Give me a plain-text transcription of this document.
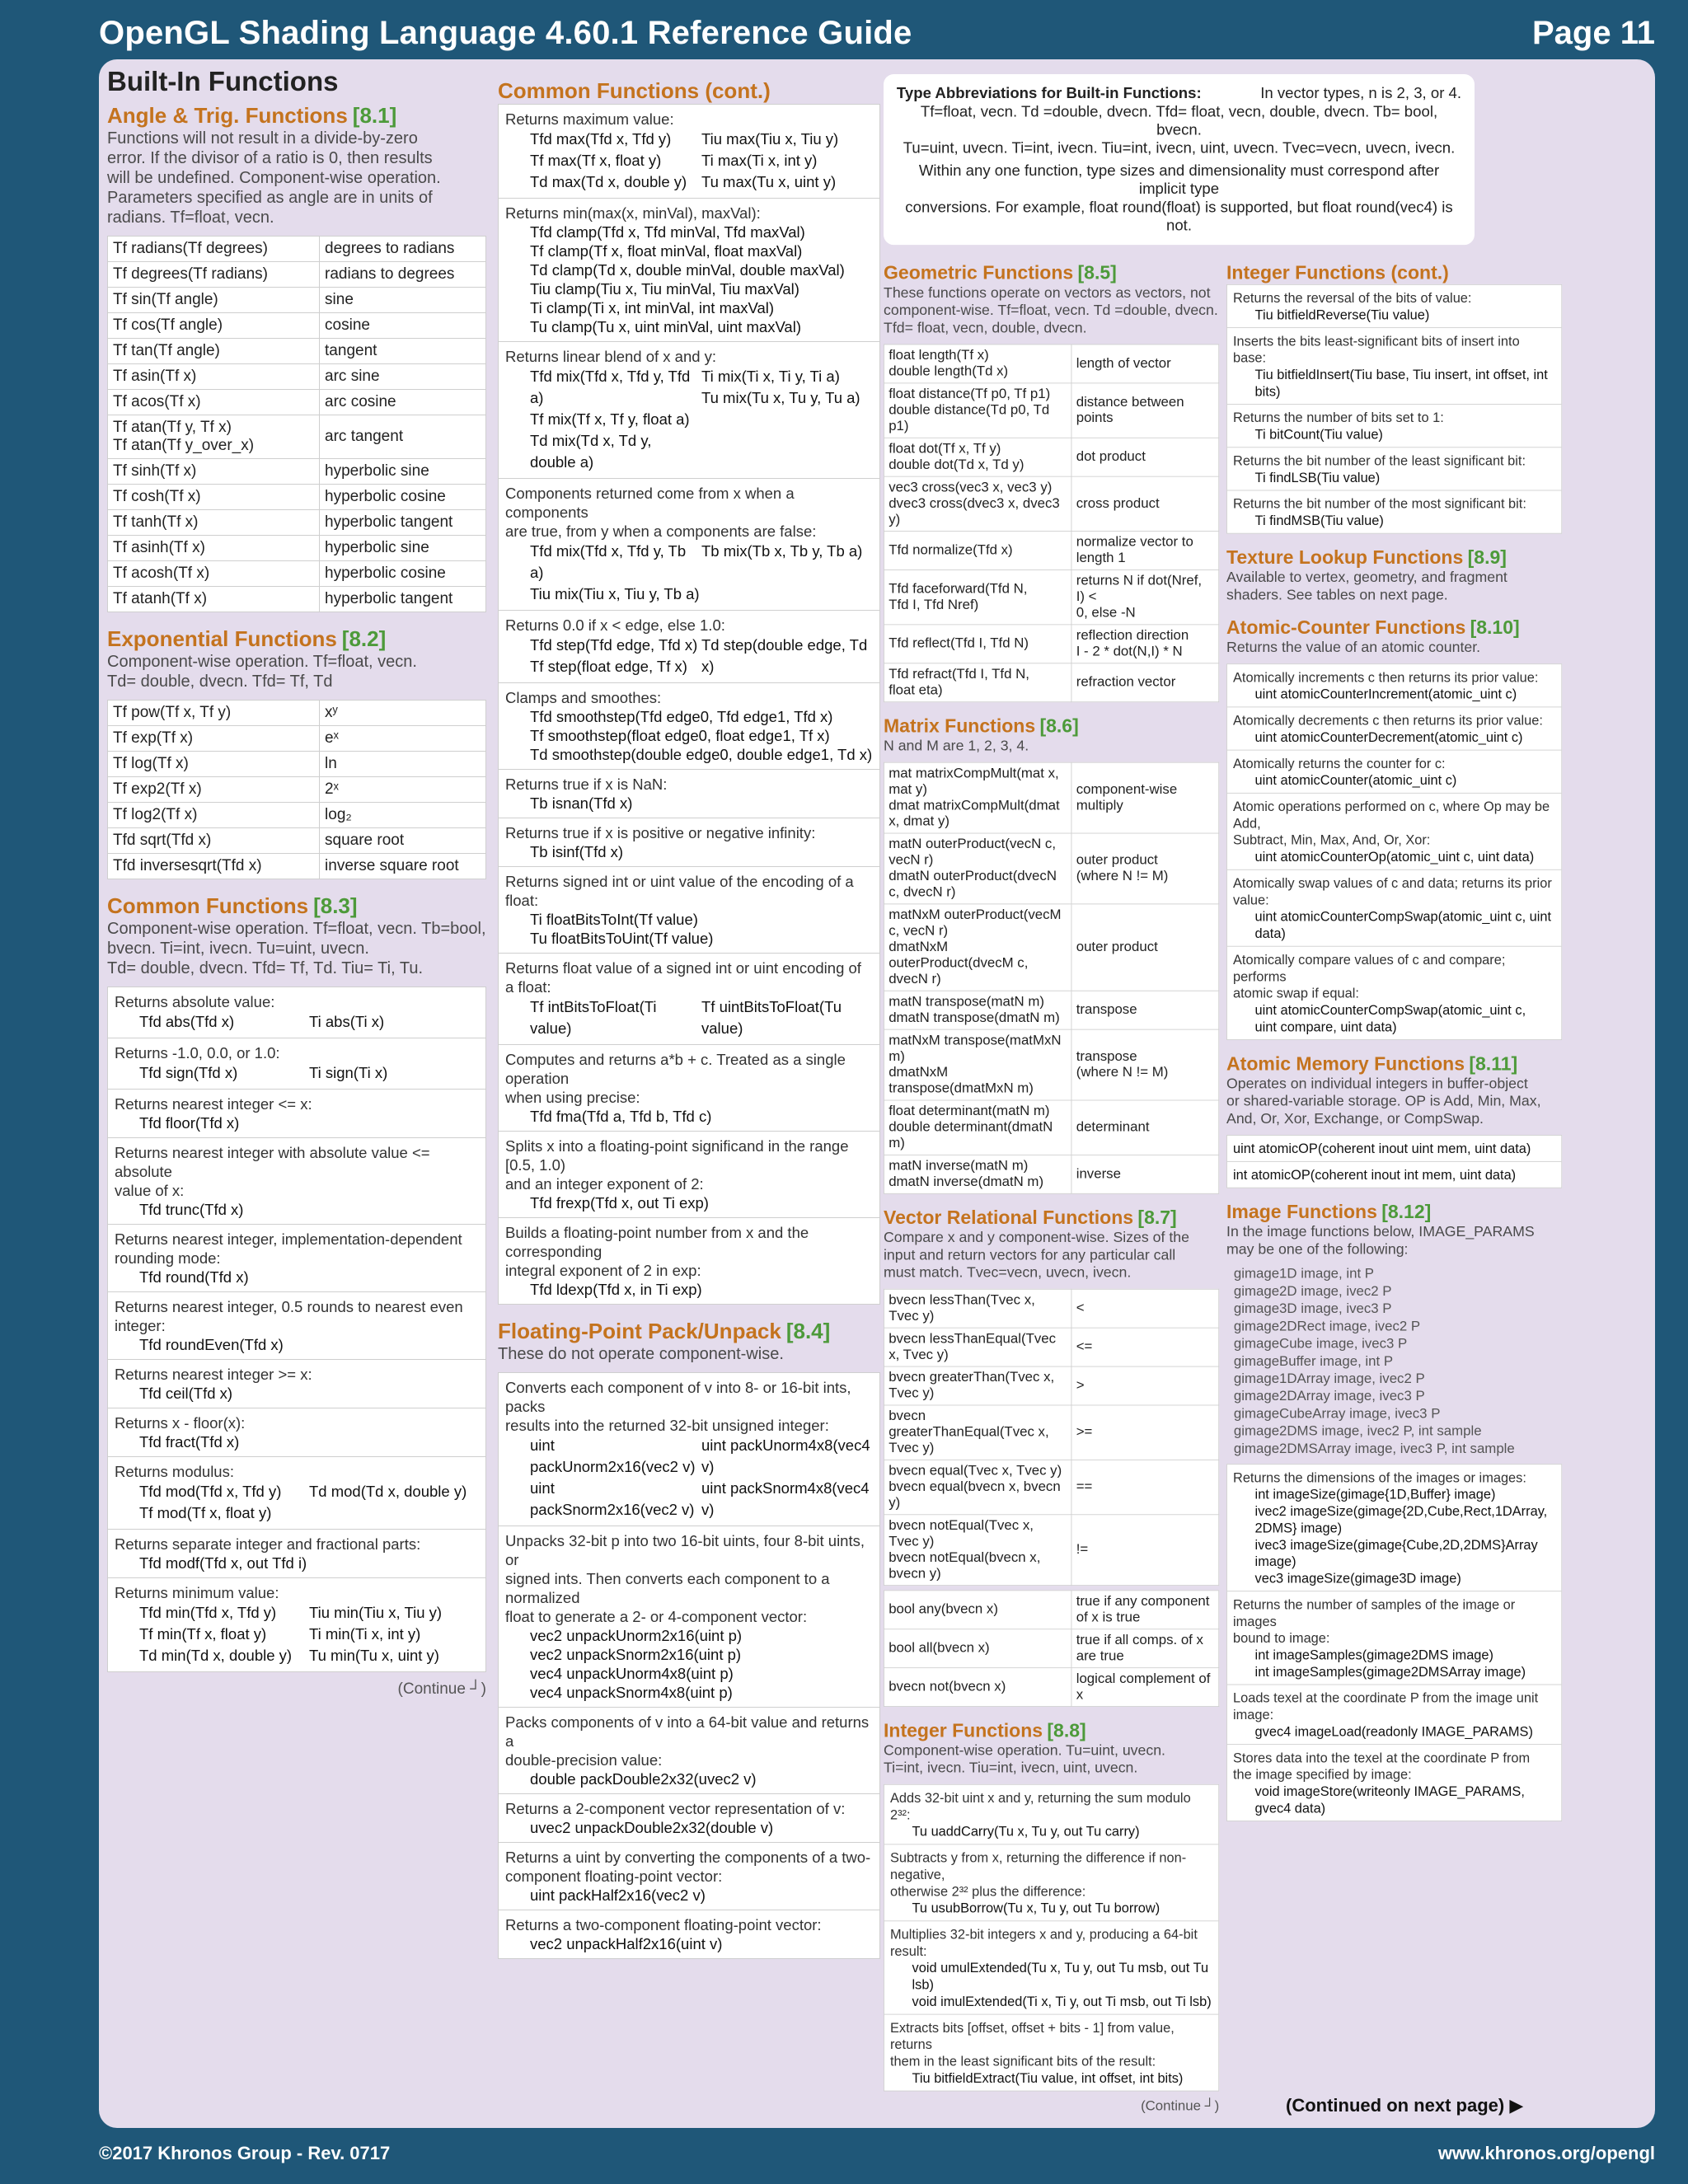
OpenGL Shading Language 4.60.1 Reference Guide	Page 11
Built-In Functions
Angle & Trig. Functions [8.1]
Functions will not result in a divide-by-zero
error. If the divisor of a ratio is 0, then results
will be undefined. Component-wise operation.
Parameters specified as angle are in units of
radians. Tf=float, vecn.
Tf radians(Tf degrees)	degrees to radians
Tf degrees(Tf radians)	radians to degrees
Tf sin(Tf angle)	sine
Tf cos(Tf angle)	cosine
Tf tan(Tf angle)	tangent
Tf asin(Tf x)	arc sine
Tf acos(Tf x)	arc cosine
Tf atan(Tf y, Tf x)
Tf atan(Tf y_over_x)	arc tangent
Tf sinh(Tf x)	hyperbolic sine
Tf cosh(Tf x)	hyperbolic cosine
Tf tanh(Tf x)	hyperbolic tangent
Tf asinh(Tf x)	hyperbolic sine
Tf acosh(Tf x)	hyperbolic cosine
Tf atanh(Tf x)	hyperbolic tangent
Exponential Functions [8.2]
Component-wise operation. Tf=float, vecn.
Td= double, dvecn. Tfd= Tf, Td
Tf pow(Tf x, Tf y)	xʸ
Tf exp(Tf x)	eˣ
Tf log(Tf x)	ln
Tf exp2(Tf x)	2ˣ
Tf log2(Tf x)	log₂
Tfd sqrt(Tfd x)	square root
Tfd inversesqrt(Tfd x)	inverse square root
Common Functions [8.3]
Component-wise operation. Tf=float, vecn. Tb=bool,
bvecn. Ti=int, ivecn. Tu=uint, uvecn.
Td= double, dvecn. Tfd= Tf, Td. Tiu= Ti, Tu.
Returns absolute value:
Tfd abs(Tfd x)	Ti abs(Ti x)
Returns -1.0, 0.0, or 1.0:
Tfd sign(Tfd x)	Ti sign(Ti x)
Returns nearest integer <= x:
Tfd floor(Tfd x)
Returns nearest integer with absolute value <= absolute
value of x:
Tfd trunc(Tfd x)
Returns nearest integer, implementation-dependent
rounding mode:
Tfd round(Tfd x)
Returns nearest integer, 0.5 rounds to nearest even integer:
Tfd roundEven(Tfd x)
Returns nearest integer >= x:
Tfd ceil(Tfd x)
Returns x - floor(x):
Tfd fract(Tfd x)
Returns modulus:
Tfd mod(Tfd x, Tfd y)
Tf mod(Tf x, float y)
Td mod(Td x, double y)
Returns separate integer and fractional parts:
Tfd modf(Tfd x, out Tfd i)
Returns minimum value:
Tfd min(Tfd x, Tfd y)
Tf min(Tf x, float y)
Td min(Td x, double y)
Tiu min(Tiu x, Tiu y)
Ti min(Ti x, int y)
Tu min(Tu x, uint y)
(Continue ┘)
Common Functions (cont.)
Returns maximum value:
Tfd max(Tfd x, Tfd y)
Tf max(Tf x, float y)
Td max(Td x, double y)
Tiu max(Tiu x, Tiu y)
Ti max(Ti x, int y)
Tu max(Tu x, uint y)
Returns min(max(x, minVal), maxVal):
Tfd clamp(Tfd x, Tfd minVal, Tfd maxVal)
Tf clamp(Tf x, float minVal, float maxVal)
Td clamp(Td x, double minVal, double maxVal)
Tiu clamp(Tiu x, Tiu minVal, Tiu maxVal)
Ti clamp(Ti x, int minVal, int maxVal)
Tu clamp(Tu x, uint minVal, uint maxVal)
Returns linear blend of x and y:
Tfd mix(Tfd x, Tfd y, Tfd a)
Tf mix(Tf x, Tf y, float a)
Td mix(Td x, Td y, double a)
Ti mix(Ti x, Ti y, Ti a)
Tu mix(Tu x, Tu y, Tu a)
Components returned come from x when a components
are true, from y when a components are false:
Tfd mix(Tfd x, Tfd y, Tb a)
Tiu mix(Tiu x, Tiu y, Tb a)
Tb mix(Tb x, Tb y, Tb a)
Returns 0.0 if x < edge, else 1.0:
Tfd step(Tfd edge, Tfd x)
Tf step(float edge, Tf x)
Td step(double edge, Td x)
Clamps and smoothes:
Tfd smoothstep(Tfd edge0, Tfd edge1, Tfd x)
Tf smoothstep(float edge0, float edge1, Tf x)
Td smoothstep(double edge0, double edge1, Td x)
Returns true if x is NaN:
Tb isnan(Tfd x)
Returns true if x is positive or negative infinity:
Tb isinf(Tfd x)
Returns signed int or uint value of the encoding of a float:
Ti floatBitsToInt(Tf value)
Tu floatBitsToUint(Tf value)
Returns float value of a signed int or uint encoding of a float:
Tf intBitsToFloat(Ti value)
Tf uintBitsToFloat(Tu value)
Computes and returns a*b + c. Treated as a single operation
when using precise:
Tfd fma(Tfd a, Tfd b, Tfd c)
Splits x into a floating-point significand in the range [0.5, 1.0)
and an integer exponent of 2:
Tfd frexp(Tfd x, out Ti exp)
Builds a floating-point number from x and the corresponding
integral exponent of 2 in exp:
Tfd ldexp(Tfd x, in Ti exp)
Floating-Point Pack/Unpack [8.4]
These do not operate component-wise.
Converts each component of v into 8- or 16-bit ints, packs
results into the returned 32-bit unsigned integer:
uint packUnorm2x16(vec2 v)
uint packSnorm2x16(vec2 v)
uint packUnorm4x8(vec4 v)
uint packSnorm4x8(vec4 v)
Unpacks 32-bit p into two 16-bit uints, four 8-bit uints, or
signed ints. Then converts each component to a normalized
float to generate a 2- or 4-component vector:
vec2 unpackUnorm2x16(uint p)
vec2 unpackSnorm2x16(uint p)
vec4 unpackUnorm4x8(uint p)
vec4 unpackSnorm4x8(uint p)
Packs components of v into a 64-bit value and returns a
double-precision value:
double packDouble2x32(uvec2 v)
Returns a 2-component vector representation of v:
uvec2 unpackDouble2x32(double v)
Returns a uint by converting the components of a two-
component floating-point vector:
uint packHalf2x16(vec2 v)
Returns a two-component floating-point vector:
vec2 unpackHalf2x16(uint v)
Type Abbreviations for Built-in Functions:	In vector types, n is 2, 3, or 4.
Tf=float, vecn. Td =double, dvecn. Tfd= float, vecn, double, dvecn. Tb= bool, bvecn.
Tu=uint, uvecn. Ti=int, ivecn. Tiu=int, ivecn, uint, uvecn. Tvec=vecn, uvecn, ivecn.
Within any one function, type sizes and dimensionality must correspond after implicit type
conversions. For example, float round(float) is supported, but float round(vec4) is not.
Geometric Functions [8.5]
These functions operate on vectors as vectors, not
component-wise. Tf=float, vecn. Td =double, dvecn.
Tfd= float, vecn, double, dvecn.
float length(Tf x)
double length(Td x)	length of vector
float distance(Tf p0, Tf p1)
double distance(Td p0, Td p1)	distance between points
float dot(Tf x, Tf y)
double dot(Td x, Td y)	dot product
vec3 cross(vec3 x, vec3 y)
dvec3 cross(dvec3 x, dvec3 y)	cross product
Tfd normalize(Tfd x)	normalize vector to length 1
Tfd faceforward(Tfd N,
Tfd I, Tfd Nref)	returns N if dot(Nref, I) <
0, else -N
Tfd reflect(Tfd I, Tfd N)	reflection direction
I - 2 * dot(N,I) * N
Tfd refract(Tfd I, Tfd N,
float eta)	refraction vector
Matrix Functions [8.6]
N and M are 1, 2, 3, 4.
mat matrixCompMult(mat x, mat y)
dmat matrixCompMult(dmat x, dmat y)	component-wise
multiply
matN outerProduct(vecN c, vecN r)
dmatN outerProduct(dvecN c, dvecN r)	outer product
(where N != M)
matNxM outerProduct(vecM c, vecN r)
dmatNxM outerProduct(dvecM c, dvecN r)	outer product
matN transpose(matN m)
dmatN transpose(dmatN m)	transpose
matNxM transpose(matMxN m)
dmatNxM transpose(dmatMxN m)	transpose
(where N != M)
float determinant(matN m)
double determinant(dmatN m)	determinant
matN inverse(matN m)
dmatN inverse(dmatN m)	inverse
Vector Relational Functions [8.7]
Compare x and y component-wise. Sizes of the
input and return vectors for any particular call
must match. Tvec=vecn, uvecn, ivecn.
bvecn lessThan(Tvec x, Tvec y)	<
bvecn lessThanEqual(Tvec x, Tvec y)	<=
bvecn greaterThan(Tvec x, Tvec y)	>
bvecn greaterThanEqual(Tvec x, Tvec y)	>=
bvecn equal(Tvec x, Tvec y)
bvecn equal(bvecn x, bvecn y)	==
bvecn notEqual(Tvec x, Tvec y)
bvecn notEqual(bvecn x, bvecn y)	!=
bool any(bvecn x)	true if any component of x is true
bool all(bvecn x)	true if all comps. of x are true
bvecn not(bvecn x)	logical complement of x
Integer Functions [8.8]
Component-wise operation. Tu=uint, uvecn.
Ti=int, ivecn. Tiu=int, ivecn, uint, uvecn.
Adds 32-bit uint x and y, returning the sum modulo 2³²:
Tu uaddCarry(Tu x, Tu y, out Tu carry)
Subtracts y from x, returning the difference if non-negative,
otherwise 2³² plus the difference:
Tu usubBorrow(Tu x, Tu y, out Tu borrow)
Multiplies 32-bit integers x and y, producing a 64-bit result:
void umulExtended(Tu x, Tu y, out Tu msb, out Tu lsb)
void imulExtended(Ti x, Ti y, out Ti msb, out Ti lsb)
Extracts bits [offset, offset + bits - 1] from value, returns
them in the least significant bits of the result:
Tiu bitfieldExtract(Tiu value, int offset, int bits)
(Continue ┘)
Integer Functions (cont.)
Returns the reversal of the bits of value:
Tiu bitfieldReverse(Tiu value)
Inserts the bits least-significant bits of insert into base:
Tiu bitfieldInsert(Tiu base, Tiu insert, int offset, int bits)
Returns the number of bits set to 1:
Ti bitCount(Tiu value)
Returns the bit number of the least significant bit:
Ti findLSB(Tiu value)
Returns the bit number of the most significant bit:
Ti findMSB(Tiu value)
Texture Lookup Functions [8.9]
Available to vertex, geometry, and fragment
shaders. See tables on next page.
Atomic-Counter Functions [8.10]
Returns the value of an atomic counter.
Atomically increments c then returns its prior value:
uint atomicCounterIncrement(atomic_uint c)
Atomically decrements c then returns its prior value:
uint atomicCounterDecrement(atomic_uint c)
Atomically returns the counter for c:
uint atomicCounter(atomic_uint c)
Atomic operations performed on c, where Op may be Add,
Subtract, Min, Max, And, Or, Xor:
uint atomicCounterOp(atomic_uint c, uint data)
Atomically swap values of c and data; returns its prior value:
uint atomicCounterCompSwap(atomic_uint c, uint data)
Atomically compare values of c and compare; performs
atomic swap if equal:
uint atomicCounterCompSwap(atomic_uint c,
uint compare, uint data)
Atomic Memory Functions [8.11]
Operates on individual integers in buffer-object
or shared-variable storage. OP is Add, Min, Max,
And, Or, Xor, Exchange, or CompSwap.
uint atomicOP(coherent inout uint mem, uint data)
int atomicOP(coherent inout int mem, uint data)
Image Functions [8.12]
In the image functions below, IMAGE_PARAMS
may be one of the following:
gimage1D image, int P
gimage2D image, ivec2 P
gimage3D image, ivec3 P
gimage2DRect image, ivec2 P
gimageCube image, ivec3 P
gimageBuffer image, int P
gimage1DArray image, ivec2 P
gimage2DArray image, ivec3 P
gimageCubeArray image, ivec3 P
gimage2DMS image, ivec2 P, int sample
gimage2DMSArray image, ivec3 P, int sample
Returns the dimensions of the images or images:
int imageSize(gimage{1D,Buffer} image)
ivec2 imageSize(gimage{2D,Cube,Rect,1DArray,
2DMS} image)
ivec3 imageSize(gimage{Cube,2D,2DMS}Array image)
vec3 imageSize(gimage3D image)
Returns the number of samples of the image or images
bound to image:
int imageSamples(gimage2DMS image)
int imageSamples(gimage2DMSArray image)
Loads texel at the coordinate P from the image unit image:
gvec4 imageLoad(readonly IMAGE_PARAMS)
Stores data into the texel at the coordinate P from
the image specified by image:
void imageStore(writeonly IMAGE_PARAMS, gvec4 data)
(Continued on next page) ▶
©2017 Khronos Group - Rev. 0717	www.khronos.org/opengl
